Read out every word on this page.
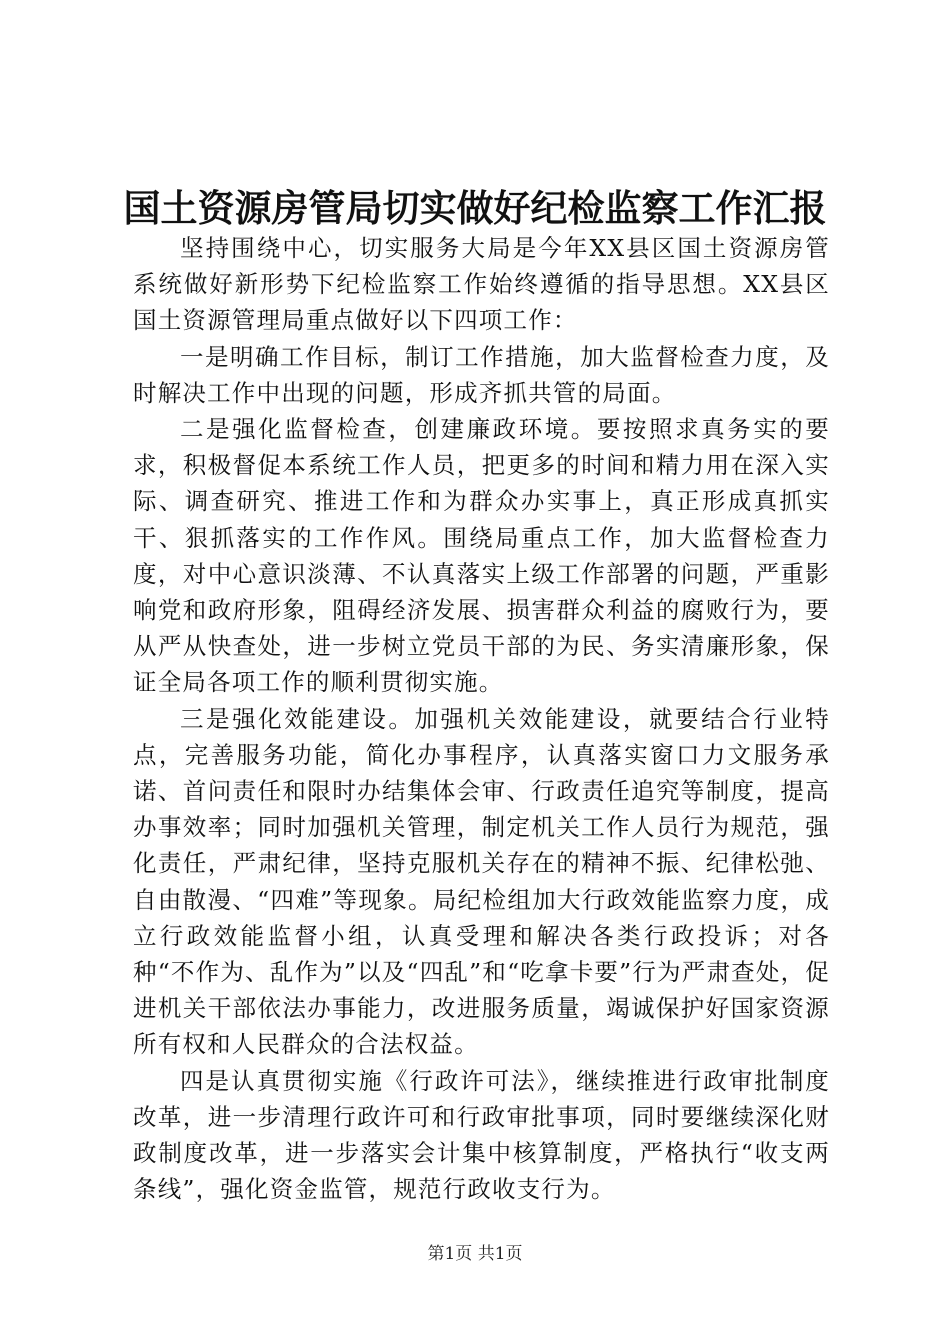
国土资源房管局切实做好纪检监察工作汇报

坚持围绕中心，切实服务大局是今年XX县区国土资源房管系统做好新形势下纪检监察工作始终遵循的指导思想。XX县区国土资源管理局重点做好以下四项工作：

一是明确工作目标，制订工作措施，加大监督检查力度，及时解决工作中出现的问题，形成齐抓共管的局面。

二是强化监督检查，创建廉政环境。要按照求真务实的要求，积极督促本系统工作人员，把更多的时间和精力用在深入实际、调查研究、推进工作和为群众办实事上，真正形成真抓实干、狠抓落实的工作作风。围绕局重点工作，加大监督检查力度，对中心意识淡薄、不认真落实上级工作部署的问题，严重影响党和政府形象，阻碍经济发展、损害群众利益的腐败行为，要从严从快查处，进一步树立党员干部的为民、务实清廉形象，保证全局各项工作的顺利贯彻实施。

三是强化效能建设。加强机关效能建设，就要结合行业特点，完善服务功能，简化办事程序，认真落实窗口力文服务承诺、首问责任和限时办结集体会审、行政责任追究等制度，提高办事效率；同时加强机关管理，制定机关工作人员行为规范，强化责任，严肃纪律，坚持克服机关存在的精神不振、纪律松弛、自由散漫、“四难”等现象。局纪检组加大行政效能监察力度，成立行政效能监督小组，认真受理和解决各类行政投诉；对各种“不作为、乱作为”以及“四乱”和“吃拿卡要”行为严肃查处，促进机关干部依法办事能力，改进服务质量，竭诚保护好国家资源所有权和人民群众的合法权益。

四是认真贯彻实施《行政许可法》，继续推进行政审批制度改革，进一步清理行政许可和行政审批事项，同时要继续深化财政制度改革，进一步落实会计集中核算制度，严格执行“收支两条线”，强化资金监管，规范行政收支行为。

第1页 共1页
